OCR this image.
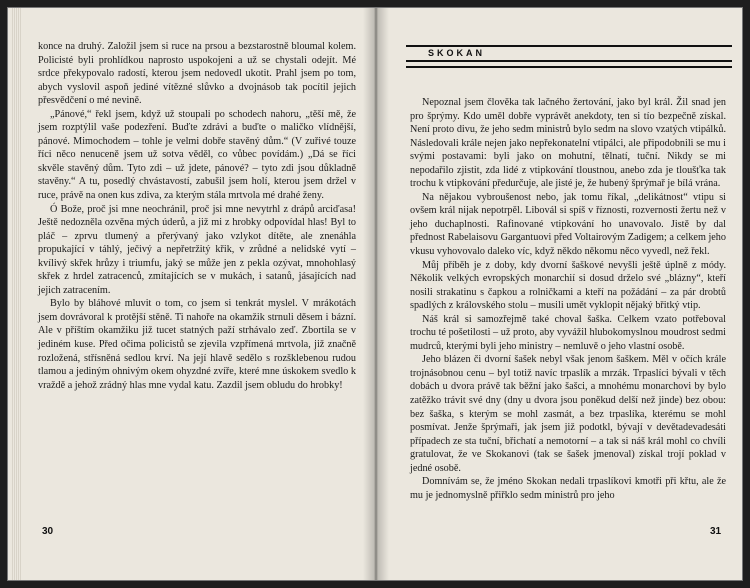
konce na druhý. Založil jsem si ruce na prsou a bezstarostně bloumal kolem. Policisté byli prohlídkou naprosto uspokojeni a už se chystali odejít. Mé srdce překypovalo radostí, kterou jsem nedovedl ukotit. Prahl jsem po tom, abych vyslovil aspoň jediné vítězné slůvko a dvojnásob tak pocítil jejich přesvědčení o mé nevině.

„Pánové,“ řekl jsem, když už stoupali po schodech nahoru, „těší mě, že jsem rozptýlil vaše podezření. Buďte zdrávi a buďte o maličko vlídnější, pánové. Mimochodem – tohle je velmi dobře stavěný dům.“ (V zuřivé touze říci něco nenuceně jsem už sotva věděl, co vůbec povídám.) „Dá se říci skvěle stavěný dům. Tyto zdi – už jdete, pánové? – tyto zdi jsou důkladně stavěny.“ A tu, posedlý chvástavostí, zabušil jsem holí, kterou jsem držel v ruce, právě na onen kus zdiva, za kterým stála mrtvola mé drahé ženy.

Ó Bože, proč jsi mne neochránil, proč jsi mne nevytrhl z drápů arciďasa! Ještě nedozněla ozvěna mých úderů, a již mi z hrobky odpovídal hlas! Byl to pláč – zprvu tlumený a přerývaný jako vzlykot dítěte, ale znenáhla propukající v táhlý, ječivý a nepřetržitý křik, v zrůdné a nelidské vytí – kvílivý skřek hrůzy i triumfu, jaký se může jen z pekla ozývat, mnohohlasý skřek z hrdel zatracenců, zmítajících se v mukách, i satanů, jásajících nad jejich zatracením.

Bylo by bláhové mluvit o tom, co jsem si tenkrát myslel. V mrákotách jsem dovrávoral k protější stěně. Ti nahoře na okamžik strnuli děsem i bázní. Ale v příštím okamžiku již tucet statných paží strhávalo zeď. Zbortila se v jediném kuse. Před očima policistů se zjevila vzpřímená mrtvola, již značně rozložená, střísněná sedlou krví. Na její hlavě sedělo s rozšklebenou rudou tlamou a jediným ohnivým okem ohyzdné zvíře, které mne úskokem svedlo k vraždě a jehož zrádný hlas mne vydal katu. Zazdil jsem obludu do hrobky!

30
SKOKAN

Nepoznal jsem člověka tak lačného žertování, jako byl král. Žil snad jen pro šprýmy. Kdo uměl dobře vyprávět anekdoty, ten si tío bezpečně získal. Není proto divu, že jeho sedm ministrů bylo sedm na slovo vzatých vtipálků. Následovali krále nejen jako nepřekonatelní vtipálci, ale připodobnili se mu i svými postavami: byli jako on mohutní, tělnatí, tuční. Nikdy se mi nepodařilo zjistit, zda lidé z vtipkování tloustnou, anebo zda je tloušťka tak trochu k vtipkování předurčuje, ale jisté je, že hubený šprýmař je bílá vrána.

Na nějakou vybroušenost nebo, jak tomu říkal, „delikátnost“ vtipu si ovšem král nijak nepotrpěl. Libovál si spíš v říznosti, rozvernosti žertu než v jeho duchaplnosti. Rafinované vtipkování ho unavovalo. Jistě by dal přednost Rabelaisovu Gargantuovi před Voltairovým Zadigem; a celkem jeho vkusu vyhovovalo daleko víc, když někdo někomu něco vyvedl, než řekl.

Můj příběh je z doby, kdy dvorní šaškové nevyšli ještě úplně z módy. Několik velkých evropských monarchií si dosud drželo své „blázny“, kteří nosili strakatinu s čapkou a rolničkami a kteří na požádání – za pár drobtů spadlých z královského stolu – musili umět vyklopit nějaký břitký vtip.

Náš král si samozřejmě také choval šaška. Celkem vzato potřeboval trochu té pošetilosti – už proto, aby vyvážil hlubokomyslnou moudrost sedmi mudrců, kterými byli jeho ministry – nemluvě o jeho vlastní osobě.

Jeho blázen či dvorní šašek nebyl však jenom šaškem. Měl v očích krále trojnásobnou cenu – byl totiž navíc trpaslík a mrzák. Trpaslíci bývali v těch dobách u dvora právě tak běžní jako šašci, a mnohému monarchovi by bylo zatěžko trávit své dny (dny u dvora jsou poněkud delší než jinde) bez obou: bez šaška, s kterým se mohl zasmát, a bez trpaslíka, kterému se mohl posmívat. Jenže šprýmaři, jak jsem již podotkl, bývají v devětadevadesáti případech ze sta tuční, břichatí a nemotorní – a tak si náš král mohl co chvíli gratulovat, že ve Skokanovi (tak se šašek jmenoval) získal trojí poklad v jedné osobě.

Domnívám se, že jméno Skokan nedali trpaslíkovi kmotři při křtu, ale že mu je jednomyslně přiřklo sedm ministrů pro jeho

31
